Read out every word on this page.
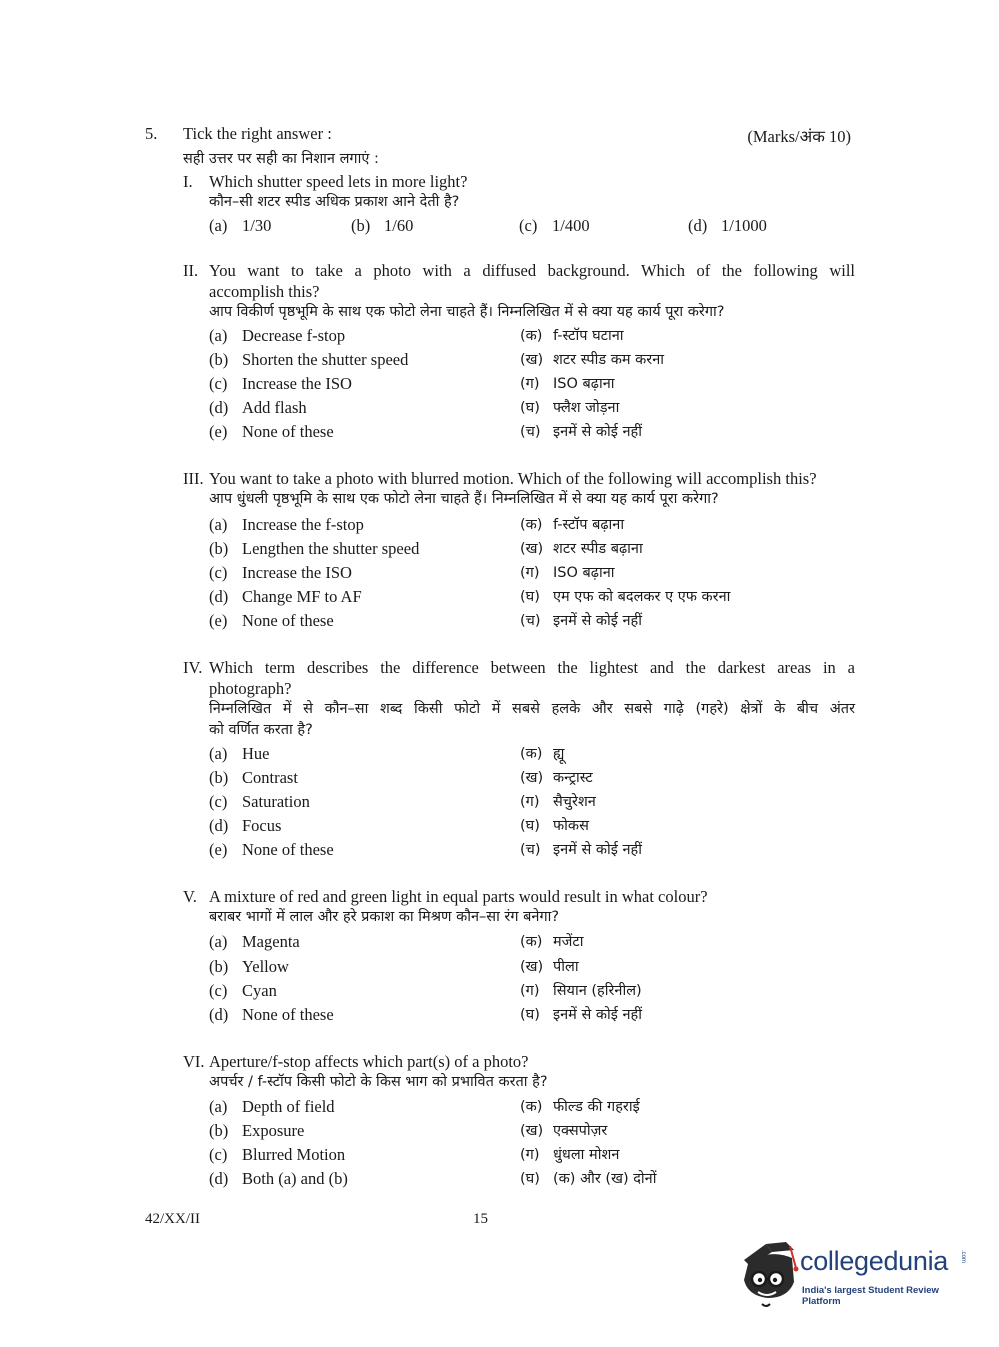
5. Tick the right answer :
सही उत्तर पर सही का निशान लगाएं :
(Marks/अंक 10)
I. Which shutter speed lets in more light?
कौन–सी शटर स्पीड अधिक प्रकाश आने देती है?
(a) 1/30	(b) 1/60	(c) 1/400	(d) 1/1000
II. You want to take a photo with a diffused background. Which of the following will
accomplish this?
आप विकीर्ण पृष्ठभूमि के साथ एक फोटो लेना चाहते हैं। निम्नलिखित में से क्या यह कार्य पूरा करेगा?
(a) Decrease f-stop	(क) f-स्टॉप घटाना
(b) Shorten the shutter speed	(ख) शटर स्पीड कम करना
(c) Increase the ISO	(ग) ISO बढ़ाना
(d) Add flash	(घ) फ्लैश जोड़ना
(e) None of these	(च) इनमें से कोई नहीं
III. You want to take a photo with blurred motion. Which of the following will accomplish this?
आप धुंधली पृष्ठभूमि के साथ एक फोटो लेना चाहते हैं। निम्नलिखित में से क्या यह कार्य पूरा करेगा?
(a) Increase the f-stop	(क) f-स्टॉप बढ़ाना
(b) Lengthen the shutter speed	(ख) शटर स्पीड बढ़ाना
(c) Increase the ISO	(ग) ISO बढ़ाना
(d) Change MF to AF	(घ) एम एफ को बदलकर ए एफ करना
(e) None of these	(च) इनमें से कोई नहीं
IV. Which term describes the difference between the lightest and the darkest areas in a
photograph?
निम्नलिखित में से कौन–सा शब्द किसी फोटो में सबसे हलके और सबसे गाढ़े (गहरे) क्षेत्रों के बीच अंतर
को वर्णित करता है?
(a) Hue	(क) ह्यू
(b) Contrast	(ख) कन्ट्रास्ट
(c) Saturation	(ग) सैचुरेशन
(d) Focus	(घ) फोकस
(e) None of these	(च) इनमें से कोई नहीं
V. A mixture of red and green light in equal parts would result in what colour?
बराबर भागों में लाल और हरे प्रकाश का मिश्रण कौन–सा रंग बनेगा?
(a) Magenta	(क) मजेंटा
(b) Yellow	(ख) पीला
(c) Cyan	(ग) सियान (हरिनील)
(d) None of these	(घ) इनमें से कोई नहीं
VI. Aperture/f-stop affects which part(s) of a photo?
अपर्चर / f-स्टॉप किसी फोटो के किस भाग को प्रभावित करता है?
(a) Depth of field	(क) फील्ड की गहराई
(b) Exposure	(ख) एक्सपोज़र
(c) Blurred Motion	(ग) धुंधला मोशन
(d) Both (a) and (b)	(घ) (क) और (ख) दोनों
42/XX/II	15
collegedunia .com
India's largest Student Review Platform
